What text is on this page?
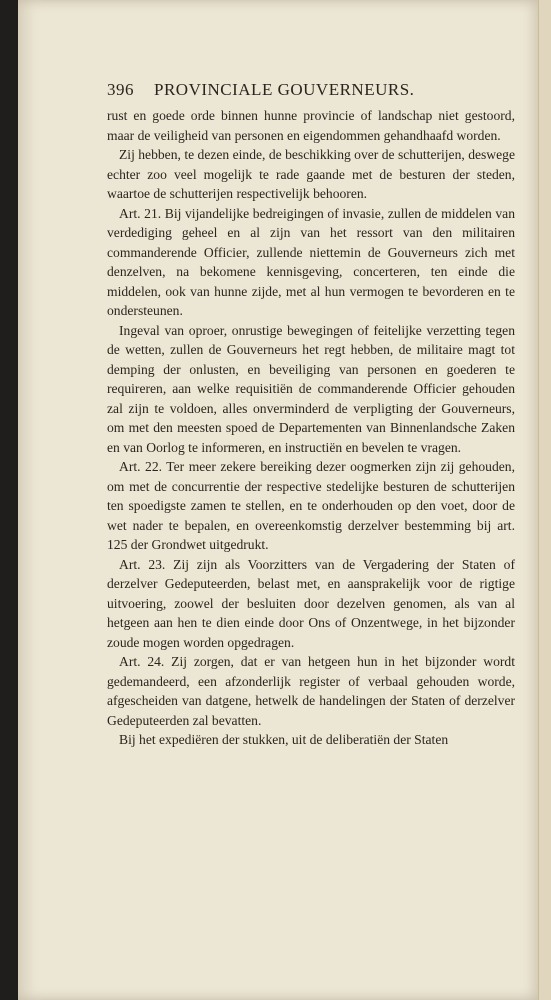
396 PROVINCIALE GOUVERNEURS.

rust en goede orde binnen hunne provincie of landschap niet gestoord, maar de veiligheid van personen en eigendommen gehandhaafd worden.

Zij hebben, te dezen einde, de beschikking over de schutterijen, deswege echter zoo veel mogelijk te rade gaande met de besturen der steden, waartoe de schutterijen respectivelijk behooren.

Art. 21. Bij vijandelijke bedreigingen of invasie, zullen de middelen van verdediging geheel en al zijn van het ressort van den militairen commanderende Officier, zullende niettemin de Gouverneurs zich met denzelven, na bekomene kennisgeving, concerteren, ten einde die middelen, ook van hunne zijde, met al hun vermogen te bevorderen en te ondersteunen.

Ingeval van oproer, onrustige bewegingen of feitelijke verzetting tegen de wetten, zullen de Gouverneurs het regt hebben, de militaire magt tot demping der onlusten, en beveiliging van personen en goederen te requireren, aan welke requisitiën de commanderende Officier gehouden zal zijn te voldoen, alles onverminderd de verpligting der Gouverneurs, om met den meesten spoed de Departementen van Binnenlandsche Zaken en van Oorlog te informeren, en instructiën en bevelen te vragen.

Art. 22. Ter meer zekere bereiking dezer oogmerken zijn zij gehouden, om met de concurrentie der respective stedelijke besturen de schutterijen ten spoedigste zamen te stellen, en te onderhouden op den voet, door de wet nader te bepalen, en overeenkomstig derzelver bestemming bij art. 125 der Grondwet uitgedrukt.

Art. 23. Zij zijn als Voorzitters van de Vergadering der Staten of derzelver Gedeputeerden, belast met, en aansprakelijk voor de rigtige uitvoering, zoowel der besluiten door dezelven genomen, als van al hetgeen aan hen te dien einde door Ons of Onzentwege, in het bijzonder zoude mogen worden opgedragen.

Art. 24. Zij zorgen, dat er van hetgeen hun in het bijzonder wordt gedemandeerd, een afzonderlijk register of verbaal gehouden worde, afgescheiden van datgene, hetwelk de handelingen der Staten of derzelver Gedeputeerden zal bevatten.

Bij het expediëren der stukken, uit de deliberatiën der Staten
